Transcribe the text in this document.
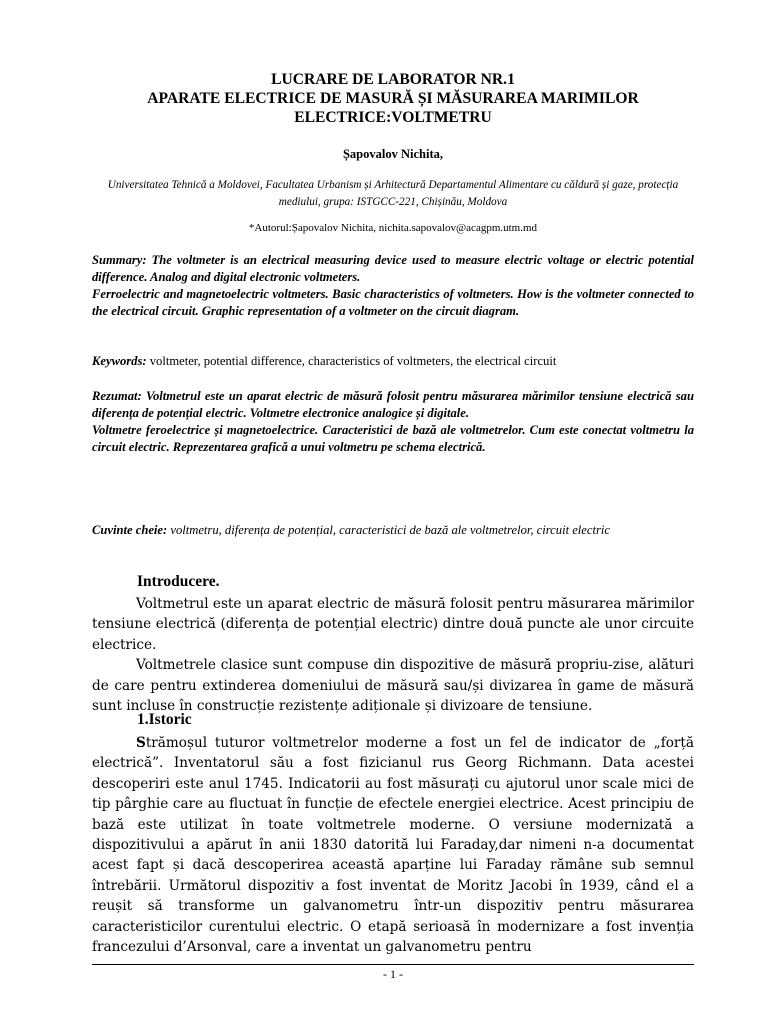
LUCRARE DE LABORATOR NR.1
APARATE ELECTRICE DE MASURĂ ȘI MĂSURAREA MARIMILOR
ELECTRICE:VOLTMETRU
Șapovalov Nichita,
Universitatea Tehnică a Moldovei, Facultatea Urbanism și Arhitectură Departamentul Alimentare cu căldură și gaze, protecția mediului, grupa: ISTGCC-221, Chișinău, Moldova
*Autorul:Șapovalov Nichita, nichita.sapovalov@acagpm.utm.md
Summary: The voltmeter is an electrical measuring device used to measure electric voltage or electric potential difference. Analog and digital electronic voltmeters.
Ferroelectric and magnetoelectric voltmeters. Basic characteristics of voltmeters. How is the voltmeter connected to the electrical circuit. Graphic representation of a voltmeter on the circuit diagram.
Keywords: voltmeter, potential difference, characteristics of voltmeters, the electrical circuit
Rezumat: Voltmetrul este un aparat electric de măsură folosit pentru măsurarea mărimilor tensiune electrică sau diferența de potențial electric. Voltmetre electronice analogice și digitale.
Voltmetre feroelectrice și magnetoelectrice. Caracteristici de bază ale voltmetrelor. Cum este conectat voltmetru la circuit electric. Reprezentarea grafică a unui voltmetru pe schema electrică.
Cuvinte cheie: voltmetru, diferența de potențial, caracteristici de bază ale voltmetrelor, circuit electric
Introducere.

Voltmetrul este un aparat electric de măsură folosit pentru măsurarea mărimilor tensiune electrică (diferența de potențial electric) dintre două puncte ale unor circuite electrice.

Voltmetrele clasice sunt compuse din dispozitive de măsură propriu-zise, alături de care pentru extinderea domeniului de măsură sau/și divizarea în game de măsură sunt incluse în construcție rezistențe adiționale și divizoare de tensiune.

1.Istoric

Strămoșul tuturor voltmetrelor moderne a fost un fel de indicator de „forță electrică”. Inventatorul său a fost fizicianul rus Georg Richmann. Data acestei descoperiri este anul 1745. Indicatorii au fost măsurați cu ajutorul unor scale mici de tip pârghie care au fluctuat în funcție de efectele energiei electrice. Acest principiu de bază este utilizat în toate voltmetrele moderne. O versiune modernizată a dispozitivului a apărut în anii 1830 datorită lui Faraday,dar nimeni n-a documentat acest fapt și dacă descoperirea această aparține lui Faraday rămâne sub semnul întrebării. Următorul dispozitiv a fost inventat de Moritz Jacobi în 1939, când el a reușit să transforme un galvanometru într-un dispozitiv pentru măsurarea caracteristicilor curentului electric. O etapă serioasă în modernizare a fost invenția francezului d’Arsonval, care a inventat un galvanometru pentru

- 1 -
